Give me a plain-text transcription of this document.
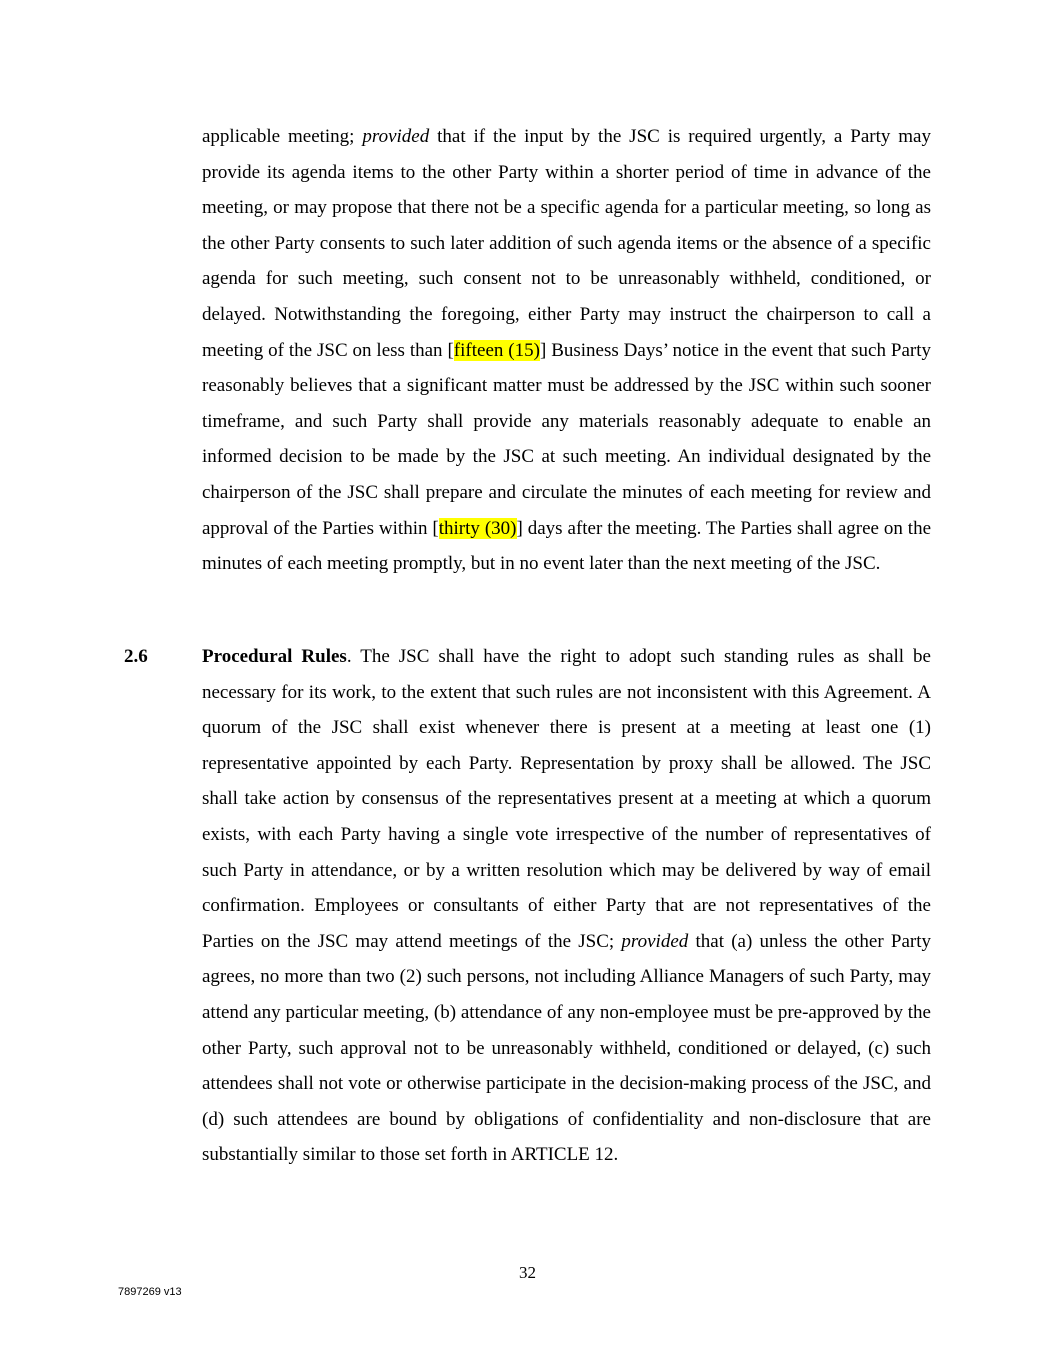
applicable meeting; provided that if the input by the JSC is required urgently, a Party may provide its agenda items to the other Party within a shorter period of time in advance of the meeting, or may propose that there not be a specific agenda for a particular meeting, so long as the other Party consents to such later addition of such agenda items or the absence of a specific agenda for such meeting, such consent not to be unreasonably withheld, conditioned, or delayed. Notwithstanding the foregoing, either Party may instruct the chairperson to call a meeting of the JSC on less than [fifteen (15)] Business Days’ notice in the event that such Party reasonably believes that a significant matter must be addressed by the JSC within such sooner timeframe, and such Party shall provide any materials reasonably adequate to enable an informed decision to be made by the JSC at such meeting. An individual designated by the chairperson of the JSC shall prepare and circulate the minutes of each meeting for review and approval of the Parties within [thirty (30)] days after the meeting. The Parties shall agree on the minutes of each meeting promptly, but in no event later than the next meeting of the JSC.

2.6	Procedural Rules. The JSC shall have the right to adopt such standing rules as shall be necessary for its work, to the extent that such rules are not inconsistent with this Agreement. A quorum of the JSC shall exist whenever there is present at a meeting at least one (1) representative appointed by each Party. Representation by proxy shall be allowed. The JSC shall take action by consensus of the representatives present at a meeting at which a quorum exists, with each Party having a single vote irrespective of the number of representatives of such Party in attendance, or by a written resolution which may be delivered by way of email confirmation. Employees or consultants of either Party that are not representatives of the Parties on the JSC may attend meetings of the JSC; provided that (a) unless the other Party agrees, no more than two (2) such persons, not including Alliance Managers of such Party, may attend any particular meeting, (b) attendance of any non-employee must be pre-approved by the other Party, such approval not to be unreasonably withheld, conditioned or delayed, (c) such attendees shall not vote or otherwise participate in the decision-making process of the JSC, and (d) such attendees are bound by obligations of confidentiality and non-disclosure that are substantially similar to those set forth in ARTICLE 12.

32
7897269 v13
